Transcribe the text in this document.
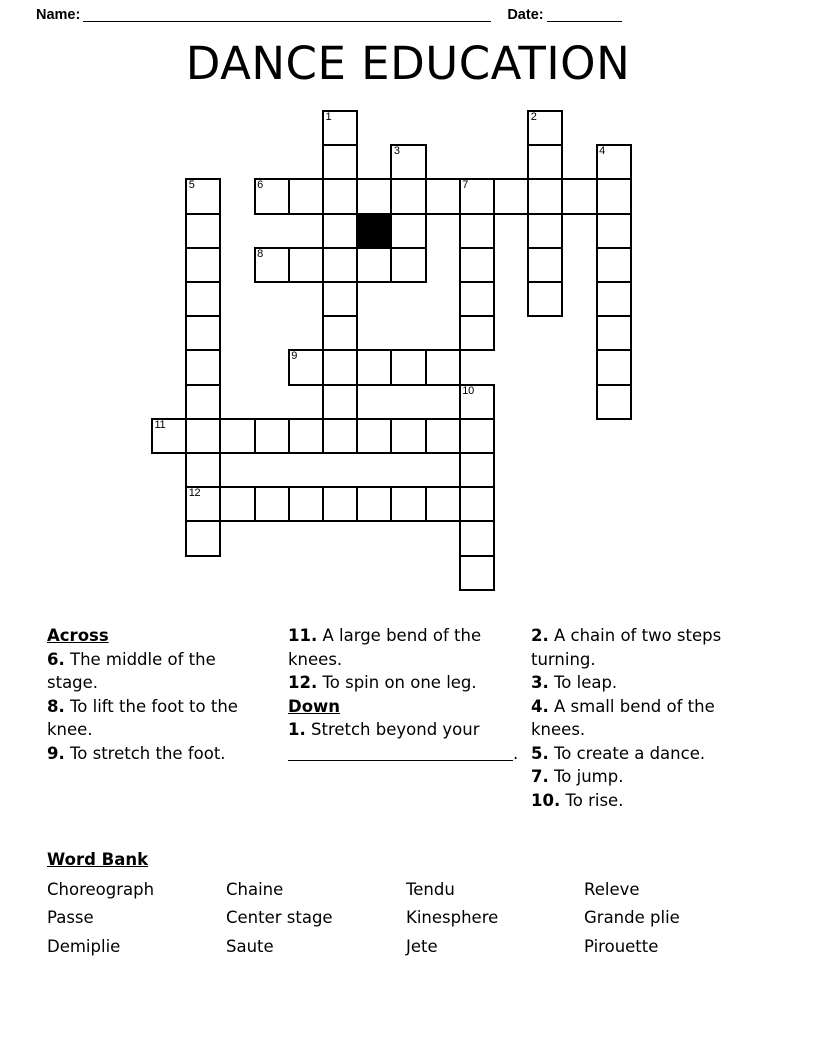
Name:	Date:
DANCE EDUCATION
1	2
3	4
5	6	7
8
9
10
11
12
Across
6. The middle of the stage.
8. To lift the foot to the knee.
9. To stretch the foot.
11. A large bend of the knees.
12. To spin on one leg.
Down
1. Stretch beyond your
.
2. A chain of two steps turning.
3. To leap.
4. A small bend of the knees.
5. To create a dance.
7. To jump.
10. To rise.
Word Bank
Choreograph	Chaine	Tendu	Releve
Passe	Center stage	Kinesphere	Grande plie
Demiplie	Saute	Jete	Pirouette
